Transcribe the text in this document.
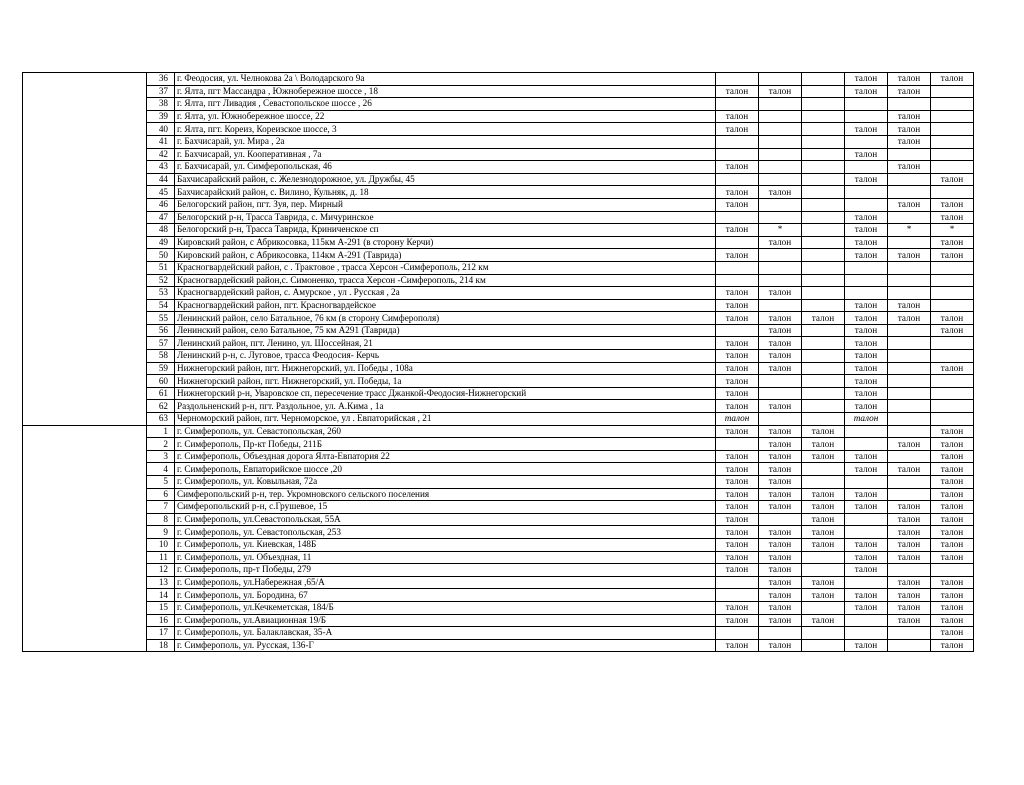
	36	г. Феодосия, ул. Челнокова 2а \ Володарского 9а				талон	талон	талон
	37	г. Ялта, пгт Массандра , Южнобережное шоссе , 18	талон	талон		талон	талон	
	38	г. Ялта, пгт Ливадия , Севастопольское шоссе , 26						
	39	г. Ялта, ул. Южнобережное шоссе, 22	талон				талон	
	40	г. Ялта, пгт. Кореиз, Кореизское шоссе, 3	талон			талон	талон	
	41	г. Бахчисарай, ул. Мира , 2а					талон	
	42	г. Бахчисарай, ул. Кооперативная , 7а				талон		
	43	г. Бахчисарай, ул. Симферопольская, 46	талон				талон	
	44	Бахчисарайский район, с. Железнодорожное, ул. Дружбы, 45				талон		талон
	45	Бахчисарайский район, с. Вилино, Кульняк, д. 18	талон	талон				
	46	Белогорский район, пгт. Зуя, пер. Мирный	талон				талон	талон
	47	Белогорский р-н, Трасса Таврида, с. Мичуринское				талон		талон
	48	Белогорский р-н, Трасса Таврида, Криниченское сп	талон	*		талон	*	*
	49	Кировский район, с Абрикосовка, 115км А-291 (в сторону Керчи)		талон		талон		талон
	50	Кировский район, с Абрикосовка, 114км А-291 (Таврида)	талон			талон	талон	талон
	51	Красногвардейский район, с . Трактовое , трасса Херсон -Симферополь, 212 км						
	52	Красногвардейский район,с. Симоненко, трасса Херсон -Симферополь, 214 км						
	53	Красногвардейский район, с. Амурское , ул . Русская , 2а	талон	талон				
	54	Красногвардейский район, пгт. Красногвардейское	талон			талон	талон	
	55	Ленинский район, село Батальное, 76 км (в сторону Симферополя)	талон	талон	талон	талон	талон	талон
	56	Ленинский район, село Батальное, 75 км А291 (Таврида)		талон		талон		талон
	57	Ленинский район, пгт. Ленино, ул. Шоссейная, 21	талон	талон		талон		
	58	Ленинский р-н, с. Луговое, трасса Феодосия- Керчь	талон	талон		талон		
	59	Нижнегорский район, пгт. Нижнегорский, ул. Победы , 108а	талон	талон		талон		талон
	60	Нижнегорский район, пгт. Нижнегорский, ул. Победы, 1а	талон			талон		
	61	Нижнегорский р-н, Уваровское сп, пересечение трасс Джанкой-Феодосия-Нижнегорский	талон			талон		
	62	Раздольненский р-н, пгт. Раздольное, ул. А.Кима , 1а	талон	талон		талон		
	63	Черноморский район, пгт. Черноморское, ул . Евпаторийская , 21	талон			талон		
	1	г. Симферополь, ул. Севастопольская, 260	талон	талон	талон			талон
	2	г. Симферополь, Пр-кт Победы, 211Б		талон	талон		талон	талон
	3	г. Симферополь, Объездная дорога Ялта-Евпатория 22	талон	талон	талон	талон		талон
	4	г. Симферополь, Евпаторийское шоссе ,20	талон	талон		талон	талон	талон
	5	г. Симферополь, ул. Ковыльная, 72а	талон	талон				талон
	6	Симферопольский р-н, тер. Укромновского сельского поселения	талон	талон	талон	талон		талон
	7	Симферопольский р-н, с.Грушевое, 15	талон	талон	талон	талон	талон	талон
	8	г. Симферополь, ул.Севастопольская, 55А	талон		талон		талон	талон
	9	г. Симферополь, ул. Севастопольская, 253	талон	талон	талон		талон	талон
	10	г. Симферополь, ул. Киевская, 148Б	талон	талон	талон	талон	талон	талон
	11	г. Симферополь, ул. Объездная, 11	талон	талон		талон	талон	талон
	12	г. Симферополь, пр-т Победы, 279	талон	талон		талон		
	13	г. Симферополь, ул.Набережная ,65/А		талон	талон		талон	талон
	14	г. Симферополь, ул. Бородина, 67		талон	талон	талон	талон	талон
	15	г. Симферополь, ул.Кечкеметская, 184/Б	талон	талон		талон	талон	талон
	16	г. Симферополь, ул.Авиационная 19/Б	талон	талон	талон		талон	талон
	17	г. Симферополь, ул. Балаклавская, 35-А						талон
	18	г. Симферополь, ул. Русская, 136-Г	талон	талон		талон		талон
